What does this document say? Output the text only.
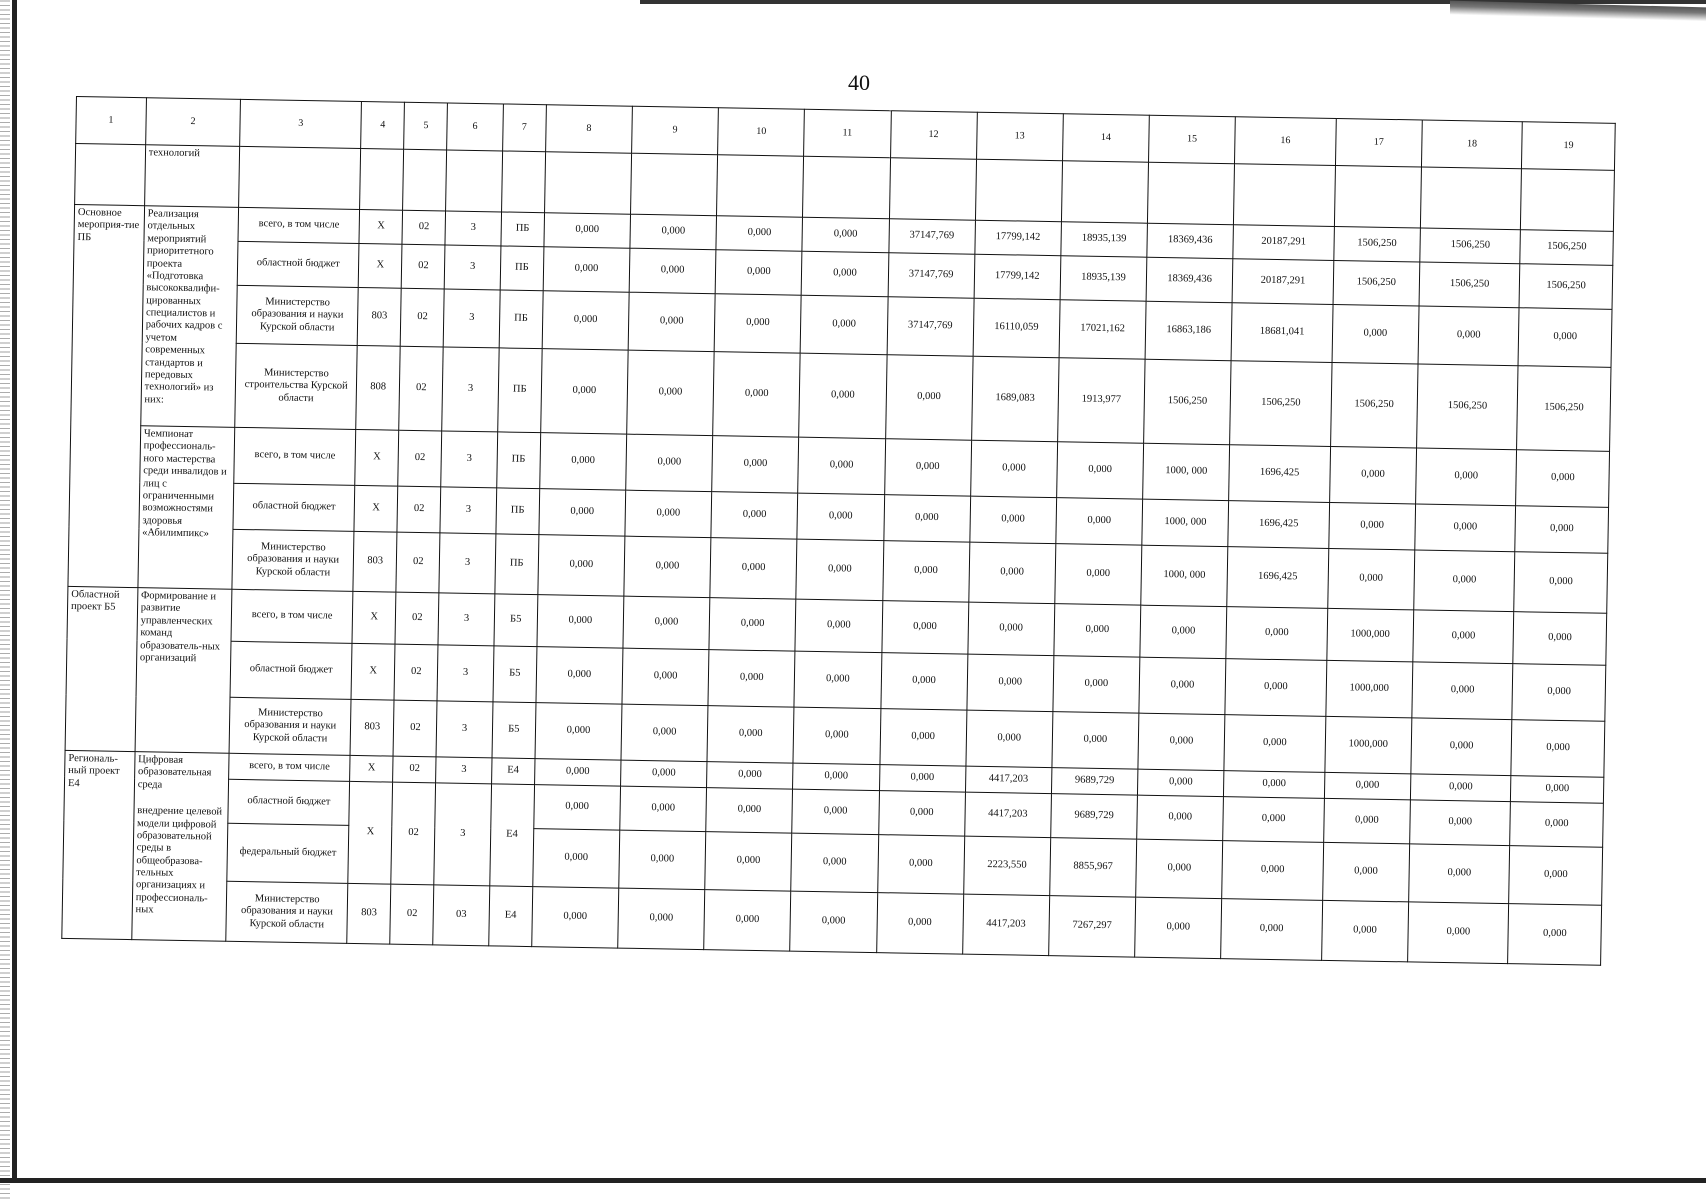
40
1	2	3	4	5	6	7	8	9	10	11	12	13	14	15	16	17	18	19
	технологий																	
Основное мероприя-тие ПБ	Реализация отдельных мероприятий приоритетного проекта «Подготовка высококвалифи-цированных специалистов и рабочих кадров с учетом современных стандартов и передовых технологий» из них:	всего, в том числе	X	02	3	ПБ	0,000	0,000	0,000	0,000	37147,769	17799,142	18935,139	18369,436	20187,291	1506,250	1506,250	1506,250
		областной бюджет	X	02	3	ПБ	0,000	0,000	0,000	0,000	37147,769	17799,142	18935,139	18369,436	20187,291	1506,250	1506,250	1506,250
		Министерство образования и науки Курской области	803	02	3	ПБ	0,000	0,000	0,000	0,000	37147,769	16110,059	17021,162	16863,186	18681,041	0,000	0,000	0,000
		Министерство строительства Курской области	808	02	3	ПБ	0,000	0,000	0,000	0,000	0,000	1689,083	1913,977	1506,250	1506,250	1506,250	1506,250	1506,250
	Чемпионат профессиональ-ного мастерства среди инвалидов и лиц с ограниченными возможностями здоровья «Абилимпикс»	всего, в том числе	X	02	3	ПБ	0,000	0,000	0,000	0,000	0,000	0,000	0,000	1000, 000	1696,425	0,000	0,000	0,000
		областной бюджет	X	02	3	ПБ	0,000	0,000	0,000	0,000	0,000	0,000	0,000	1000, 000	1696,425	0,000	0,000	0,000
		Министерство образования и науки Курской области	803	02	3	ПБ	0,000	0,000	0,000	0,000	0,000	0,000	0,000	1000, 000	1696,425	0,000	0,000	0,000
Областной проект Б5	Формирование и развитие управленческих команд образователь-ных организаций	всего, в том числе	X	02	3	Б5	0,000	0,000	0,000	0,000	0,000	0,000	0,000	0,000	0,000	1000,000	0,000	0,000
		областной бюджет	X	02	3	Б5	0,000	0,000	0,000	0,000	0,000	0,000	0,000	0,000	0,000	1000,000	0,000	0,000
		Министерство образования и науки Курской области	803	02	3	Б5	0,000	0,000	0,000	0,000	0,000	0,000	0,000	0,000	0,000	1000,000	0,000	0,000
Региональ-ный проект Е4	Цифровая образовательная среда
внедрение целевой модели цифровой образовательной среды в общеобразова-тельных организациях и профессиональ-ных	всего, в том числе	X	02	3	Е4	0,000	0,000	0,000	0,000	0,000	4417,203	9689,729	0,000	0,000	0,000	0,000	0,000
		областной бюджет	X	02	3	Е4	0,000	0,000	0,000	0,000	0,000	4417,203	9689,729	0,000	0,000	0,000	0,000	0,000
		федеральный бюджет					0,000	0,000	0,000	0,000	0,000	2223,550	8855,967	0,000	0,000	0,000	0,000	0,000
		Министерство образования и науки Курской области	803	02	03	Е4	0,000	0,000	0,000	0,000	0,000	4417,203	7267,297	0,000	0,000	0,000	0,000	0,000
